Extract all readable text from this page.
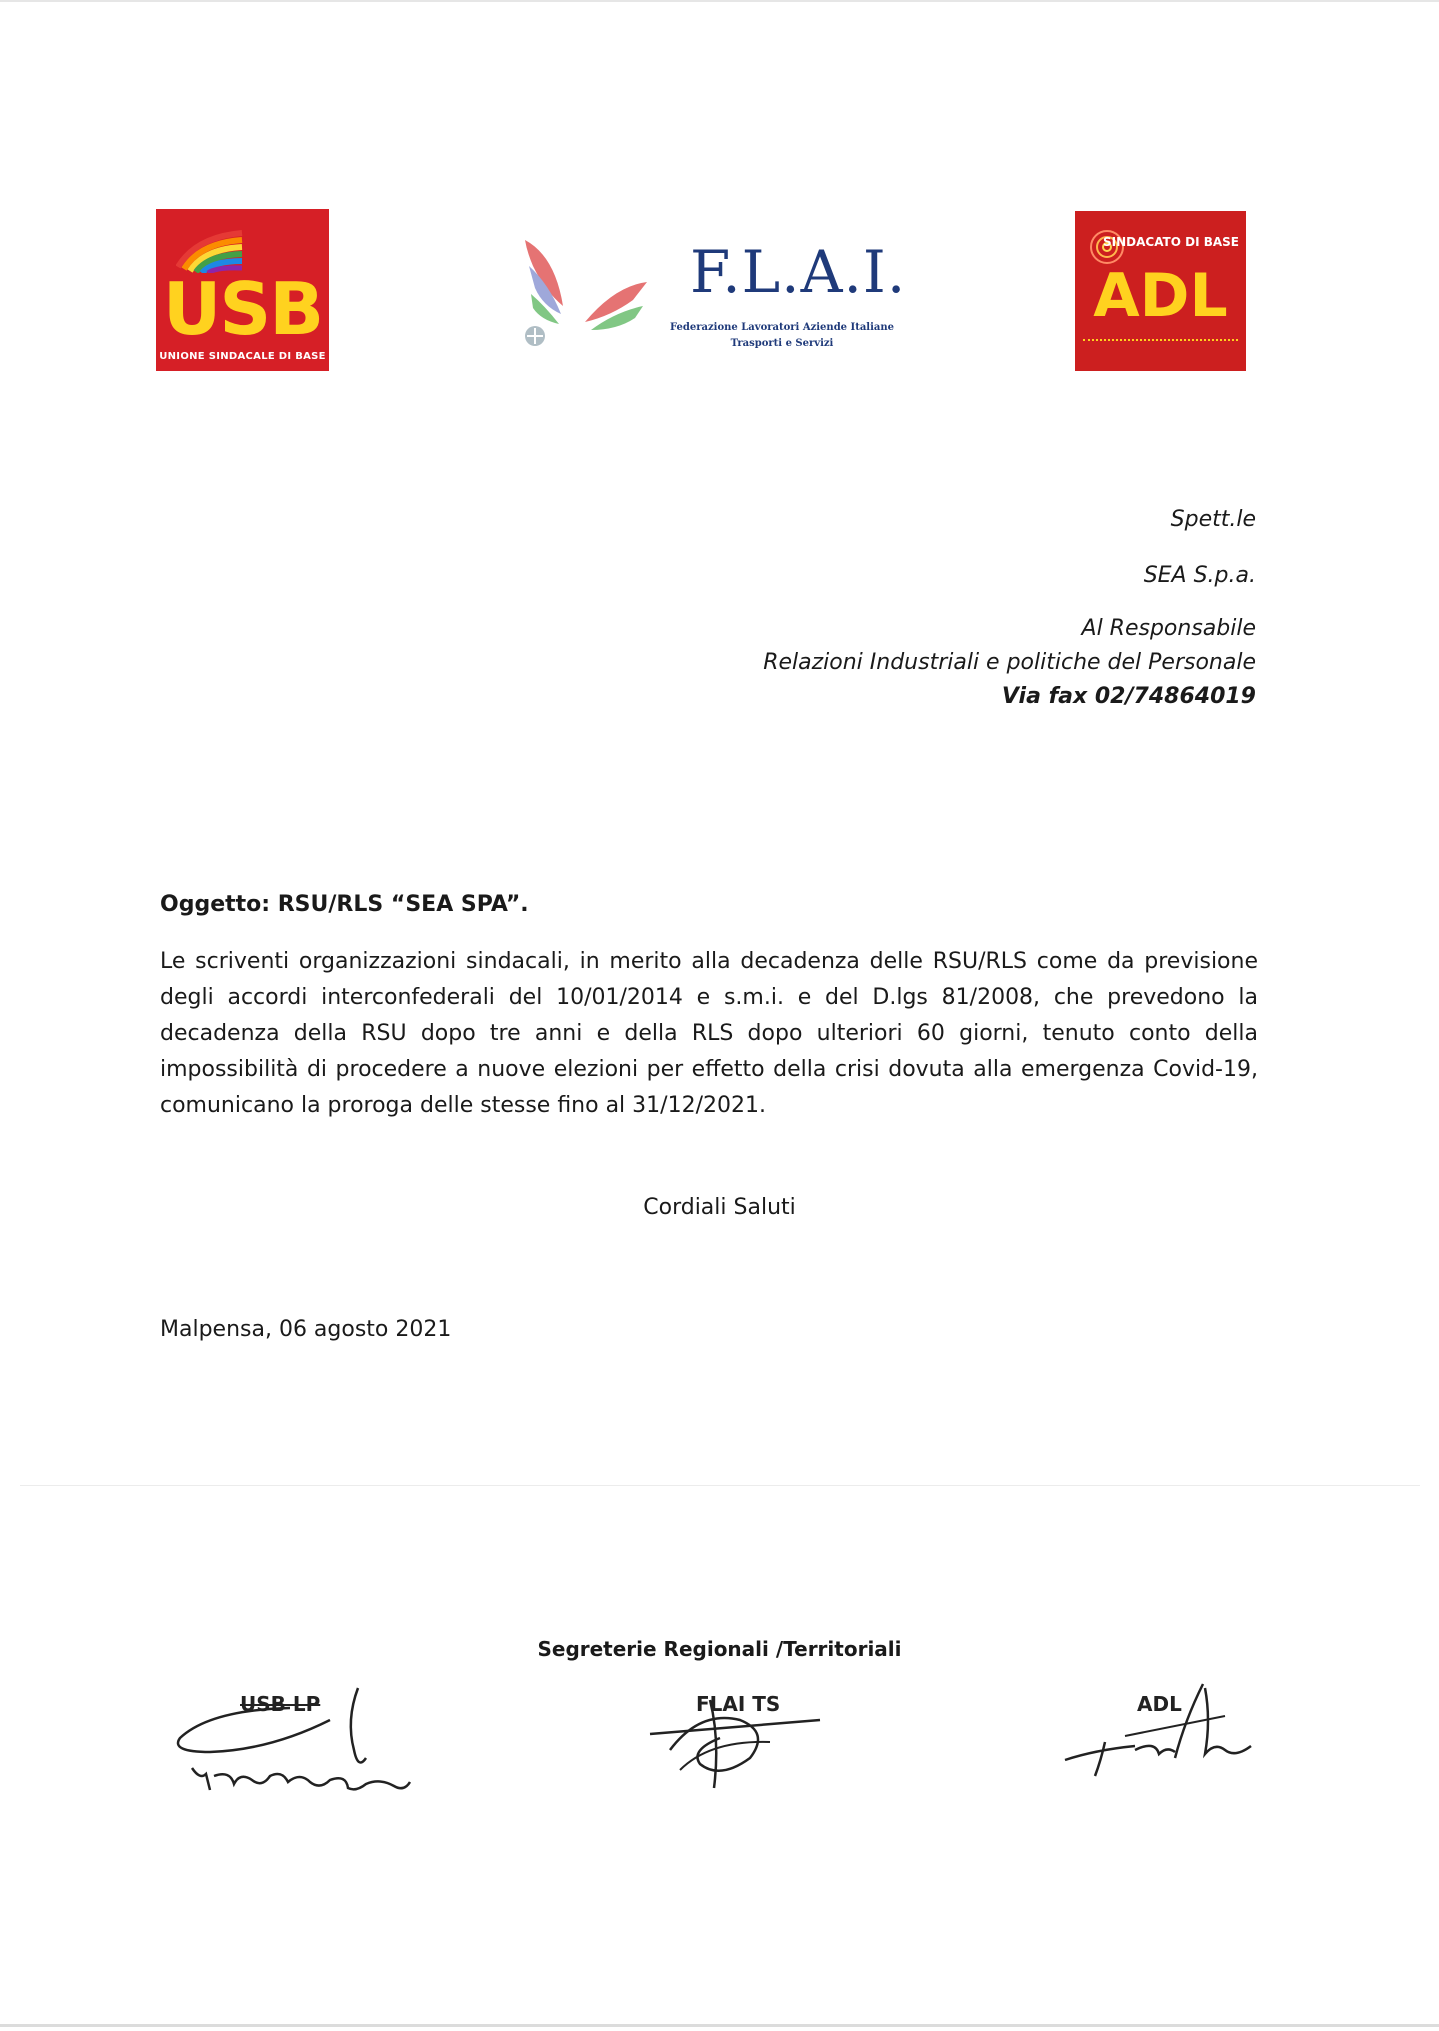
USB
UNIONE SINDACALE DI BASE
F.L.A.I.
Federazione Lavoratori Aziende Italiane
Trasporti e Servizi
SINDACATO DI BASE
ADL
Spett.le
SEA S.p.a.
Al Responsabile
Relazioni Industriali e politiche del Personale
Via fax 02/74864019
Oggetto: RSU/RLS “SEA SPA”.
Le scriventi organizzazioni sindacali, in merito alla decadenza delle RSU/RLS come da previsione degli accordi interconfederali del 10/01/2014 e s.m.i. e del D.lgs 81/2008, che prevedono la decadenza della RSU dopo tre anni e della RLS dopo ulteriori 60 giorni, tenuto conto della impossibilità di procedere a nuove elezioni per effetto della crisi dovuta alla emergenza Covid-19, comunicano la proroga delle stesse fino al 31/12/2021.
Cordiali Saluti
Malpensa, 06 agosto 2021
Segreterie Regionali /Territoriali
USB LP	FLAI TS	ADL
